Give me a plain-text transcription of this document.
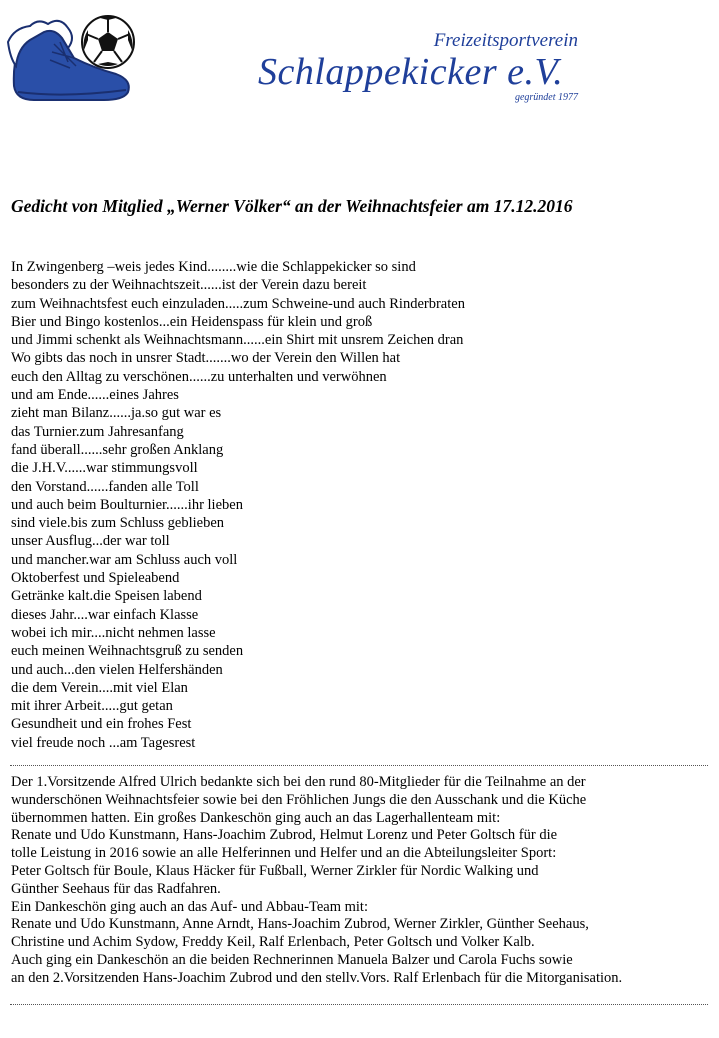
Freizeitsportverein
Schlappekicker e.V.
gegründet 1977
Gedicht von Mitglied „Werner Völker“ an der Weihnachtsfeier am 17.12.2016
In Zwingenberg –weis jedes Kind........wie die Schlappekicker so sind
besonders zu der Weihnachtszeit......ist der Verein dazu bereit
zum Weihnachtsfest euch einzuladen.....zum Schweine-und auch Rinderbraten
Bier und Bingo kostenlos...ein Heidenspass für klein und groß
und Jimmi schenkt als Weihnachtsmann......ein Shirt mit unsrem Zeichen dran
Wo gibts das noch in unsrer Stadt.......wo der Verein den Willen hat
euch den Alltag zu verschönen......zu unterhalten und verwöhnen
und am Ende......eines Jahres
zieht man Bilanz......ja.so gut war es
das Turnier.zum Jahresanfang
fand überall......sehr großen Anklang
die J.H.V......war stimmungsvoll
den Vorstand......fanden alle Toll
und auch beim Boulturnier......ihr lieben
sind viele.bis zum Schluss geblieben
unser Ausflug...der war toll
und mancher.war am Schluss auch voll
Oktoberfest und Spieleabend
Getränke kalt.die Speisen labend
dieses Jahr....war einfach Klasse
wobei ich mir....nicht nehmen lasse
euch meinen Weihnachtsgruß zu senden
und auch...den vielen Helfershänden
die dem Verein....mit viel Elan
mit ihrer Arbeit.....gut getan
Gesundheit und ein frohes Fest
viel freude noch ...am Tagesrest
Der 1.Vorsitzende Alfred Ulrich bedankte sich bei den rund 80-Mitglieder für die Teilnahme an der
wunderschönen Weihnachtsfeier sowie bei den Fröhlichen Jungs die den Ausschank und die Küche
übernommen hatten. Ein großes Dankeschön ging auch an das Lagerhallenteam mit:
Renate und Udo Kunstmann, Hans-Joachim Zubrod, Helmut Lorenz und Peter Goltsch für die
tolle Leistung in 2016 sowie an alle Helferinnen und Helfer und an die Abteilungsleiter Sport:
Peter Goltsch für Boule, Klaus Häcker für Fußball, Werner Zirkler für Nordic Walking und
Günther Seehaus für das Radfahren.
Ein Dankeschön ging auch an das Auf- und Abbau-Team mit:
Renate und Udo Kunstmann, Anne Arndt, Hans-Joachim Zubrod, Werner Zirkler, Günther Seehaus,
Christine und Achim Sydow, Freddy Keil, Ralf Erlenbach, Peter Goltsch und Volker Kalb.
Auch ging ein Dankeschön an die beiden Rechnerinnen Manuela Balzer und Carola Fuchs sowie
an den 2.Vorsitzenden Hans-Joachim Zubrod und den stellv.Vors. Ralf Erlenbach für die Mitorganisation.
